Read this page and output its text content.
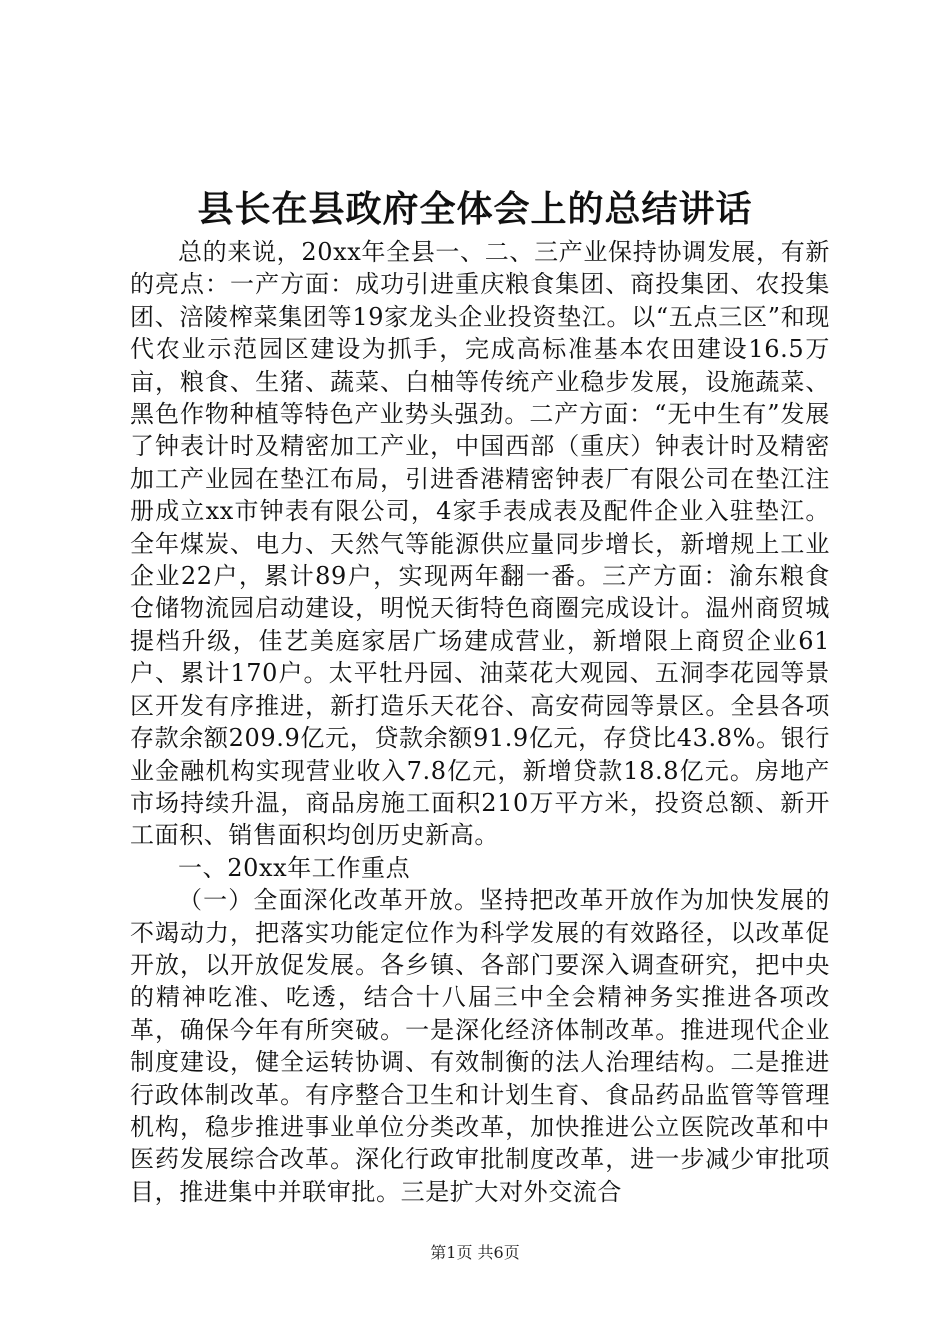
县长在县政府全体会上的总结讲话

总的来说，20xx年全县一、二、三产业保持协调发展，有新的亮点：一产方面：成功引进重庆粮食集团、商投集团、农投集团、涪陵榨菜集团等19家龙头企业投资垫江。以“五点三区”和现代农业示范园区建设为抓手，完成高标准基本农田建设16.5万亩，粮食、生猪、蔬菜、白柚等传统产业稳步发展，设施蔬菜、黑色作物种植等特色产业势头强劲。二产方面：“无中生有”发展了钟表计时及精密加工产业，中国西部（重庆）钟表计时及精密加工产业园在垫江布局，引进香港精密钟表厂有限公司在垫江注册成立xx市钟表有限公司，4家手表成表及配件企业入驻垫江。全年煤炭、电力、天然气等能源供应量同步增长，新增规上工业企业22户，累计89户，实现两年翻一番。三产方面：渝东粮食仓储物流园启动建设，明悦天街特色商圈完成设计。温州商贸城提档升级，佳艺美庭家居广场建成营业，新增限上商贸企业61户、累计170户。太平牡丹园、油菜花大观园、五洞李花园等景区开发有序推进，新打造乐天花谷、高安荷园等景区。全县各项存款余额209.9亿元，贷款余额91.9亿元，存贷比43.8%。银行业金融机构实现营业收入7.8亿元，新增贷款18.8亿元。房地产市场持续升温，商品房施工面积210万平方米，投资总额、新开工面积、销售面积均创历史新高。

一、20xx年工作重点

（一）全面深化改革开放。坚持把改革开放作为加快发展的不竭动力，把落实功能定位作为科学发展的有效路径，以改革促开放，以开放促发展。各乡镇、各部门要深入调查研究，把中央的精神吃准、吃透，结合十八届三中全会精神务实推进各项改革，确保今年有所突破。一是深化经济体制改革。推进现代企业制度建设，健全运转协调、有效制衡的法人治理结构。二是推进行政体制改革。有序整合卫生和计划生育、食品药品监管等管理机构，稳步推进事业单位分类改革，加快推进公立医院改革和中医药发展综合改革。深化行政审批制度改革，进一步减少审批项目，推进集中并联审批。三是扩大对外交流合

第1页 共6页
